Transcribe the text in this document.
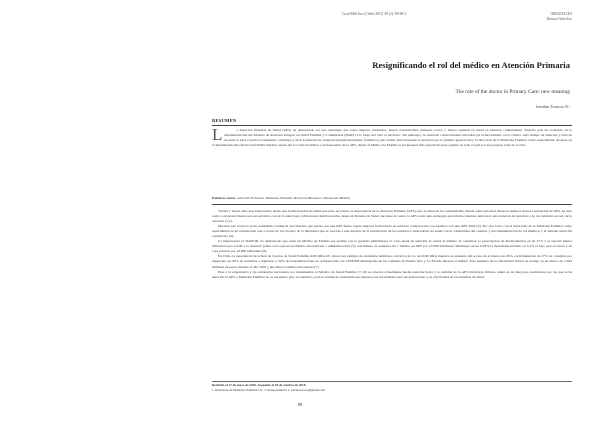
Cuad Méd Soc (Chile) 2018, 58 (1): 89-96-2	ORIGINALES
Destaca Aína Sxx
Resignificando el rol del médico en Atención Primaria
The role of the doctor in Primary Care: new meaning
Jonathan Troncoso R.¹
RESUMEN
L	a Atención Primaria de Salud (APS) ha demostrado ser una estrategia que logra mejores resultados, mayor resolutividad, menores costos y mayor equidad en salud en nuestras comunidades. Nuestro país ha avanzado en la implementación del Modelo de Atención Integral en Salud Familiar y Comunitaria (MAIS) a lo largo del todo el territorio. Sin embargo, se observan condicionantes laborales (el reduccionismo en lo clínico, bajo tiempo de atención y falta de incentivos para el perfeccionamiento continuo) y de la formación de pregrado (hospitalcentrismo formativo) que actúan distorsionando la atención por la primera generación y la dirección de la Medicina Familiar como especialidad. Avanzar en la implementación efectiva del MAIS implica, desde del rol como hombres y profesionales de la APS, dando al Médico de Familia el profesional más capacitado para aquello en todo el país por sus propios roles de acción.
Palabras claves: Atención Primaria, Medicina Familiar, Recursos Humanos, Educación Médica.

Treinta y nueve años han transcurrido desde que la Declaración de Alma Ata puso en relieve la importancia de la Atención Primaria (APS) para la salud de las comunidades. Desde aquel entonces diversos tiempos hasta la prestación de APS, ha sido como a atravesar básicas en sus servicios con de la salud para poblaciones desfavorecidas, hasta un Sistema de Salud que tiene al centro la APS como una estrategia que brinda cobertura universal, una atención de atención y de los cuidados en red, de la atención (1,2).

Durante este trayecto se ha acumulado evidencia que muestra que países con una APS fuerte logran mejores indicadores en salud en comparación con aquellos con una APS débil (3). Por otro lado, con el desarrollo de la Medicina Familiar como especialidad se ha evidenciado que a través de los propios de la disciplina que se asocian a una mejoría de la satisfacción de los usuarios e indicadores de salud con la continuidad del cuidado y una humanización de los médicos y el sistema salud del consultorio (4).

La importancia es MAYOR, ha demostrado que tener un Médico de Familia sea posible con la garantía (disminuya) el costo anual de atención de salud, el número de consultas, la prescripción de medicamentos en un 27% y se reportó menor dificultad para acudir a la atención (entre otros que un problema, intervención o administración) (5). Así mismo, el aumento del 1 médico en APS por 10.000 habitantes disminuyó en un 0,28% la mortalidad infantil, en 5,2% el bajo peso al nacer y en 1,44 eventos por 10.000 habitantes (6).

En Chile, la experiencia de la Red de Centros de Salud Familiar ANCORA UC obtuvo un ejemplo de resultados similares a nivel local. La red ANCORA muestra un aumento del acceso de al menos un 26%, en disminución de 27% de consultas por urgencias, un 30% de consultas a urgencias y 30% de hospitalizaciones en comparación con CESFAM municipales de las comunas de Puente Alto y La Florida durante el mismo. Este aumento de la efectividad clínica se tradujo en un ahorro de 1.693 millones de pesos durante el año 2010 y una mayor satisfacción usuaria (7).

Pese a la experiencia y las estrategias nacionales por implementar al Médico de Salud Familiar (7-10) se observa actualmente hecha atención hacia y la realidad de la APS municipal chilena, quien en las mayores condiciones por las que se ha derivado la APS y Medicina Familiar no se encuentra para los médicos, para la evidencia acumulada que muestra sus necesidades para las poblaciones y su efectividad en los sistemas de salud.

Recibido el 17 de mayo de 2018. Aceptado el 04 de octubre de 2018.
1. Residente de Medicina Familiar UC. Correspondencia a: jonatroncoso@gmail.com
89
